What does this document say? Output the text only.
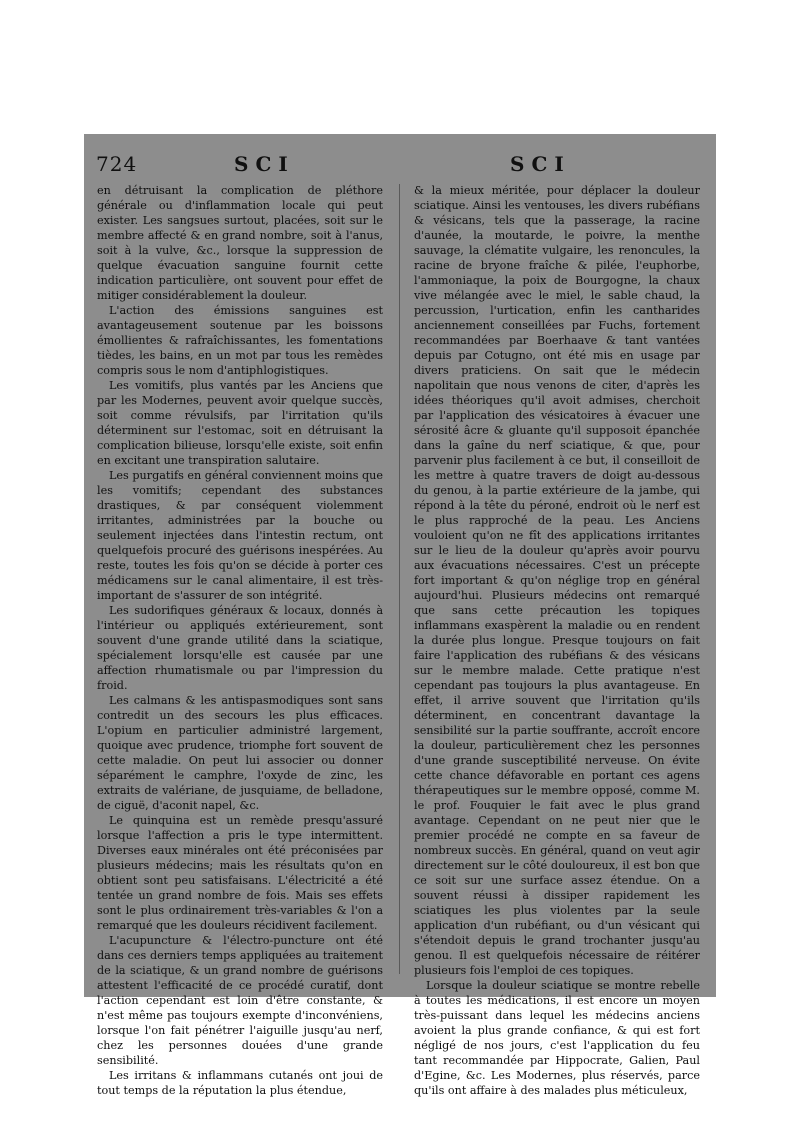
724	SCI	SCI

en détruisant la complication de pléthore générale ou d'inflammation locale qui peut exister. Les sangsues surtout, placées, soit sur le membre affecté & en grand nombre, soit à l'anus, soit à la vulve, &c., lorsque la suppression de quelque évacuation sanguine fournit cette indication particulière, ont souvent pour effet de mitiger considérablement la douleur.

L'action des émissions sanguines est avantageusement soutenue par les boissons émollientes & rafraîchissantes, les fomentations tièdes, les bains, en un mot par tous les remèdes compris sous le nom d'antiphlogistiques.

Les vomitifs, plus vantés par les Anciens que par les Modernes, peuvent avoir quelque succès, soit comme révulsifs, par l'irritation qu'ils déterminent sur l'estomac, soit en détruisant la complication bilieuse, lorsqu'elle existe, soit enfin en excitant une transpiration salutaire.

Les purgatifs en général conviennent moins que les vomitifs; cependant des substances drastiques, & par conséquent violemment irritantes, administrées par la bouche ou seulement injectées dans l'intestin rectum, ont quelquefois procuré des guérisons inespérées. Au reste, toutes les fois qu'on se décide à porter ces médicamens sur le canal alimentaire, il est très-important de s'assurer de son intégrité.

Les sudorifiques généraux & locaux, donnés à l'intérieur ou appliqués extérieurement, sont souvent d'une grande utilité dans la sciatique, spécialement lorsqu'elle est causée par une affection rhumatismale ou par l'impression du froid.

Les calmans & les antispasmodiques sont sans contredit un des secours les plus efficaces. L'opium en particulier administré largement, quoique avec prudence, triomphe fort souvent de cette maladie. On peut lui associer ou donner séparément le camphre, l'oxyde de zinc, les extraits de valériane, de jusquiame, de belladone, de ciguë, d'aconit napel, &c.

Le quinquina est un remède presqu'assuré lorsque l'affection a pris le type intermittent. Diverses eaux minérales ont été préconisées par plusieurs médecins; mais les résultats qu'on en obtient sont peu satisfaisans. L'électricité a été tentée un grand nombre de fois. Mais ses effets sont le plus ordinairement très-variables & l'on a remarqué que les douleurs récidivent facilement.

L'acupuncture & l'électro-puncture ont été dans ces derniers temps appliquées au traitement de la sciatique, & un grand nombre de guérisons attestent l'efficacité de ce procédé curatif, dont l'action cependant est loin d'être constante, & n'est même pas toujours exempte d'inconvéniens, lorsque l'on fait pénétrer l'aiguille jusqu'au nerf, chez les personnes douées d'une grande sensibilité.

Les irritans & inflammans cutanés ont joui de tout temps de la réputation la plus étendue,

& la mieux méritée, pour déplacer la douleur sciatique. Ainsi les ventouses, les divers rubéfians & vésicans, tels que la passerage, la racine d'aunée, la moutarde, le poivre, la menthe sauvage, la clématite vulgaire, les renoncules, la racine de bryone fraîche & pilée, l'euphorbe, l'ammoniaque, la poix de Bourgogne, la chaux vive mélangée avec le miel, le sable chaud, la percussion, l'urtication, enfin les cantharides anciennement conseillées par Fuchs, fortement recommandées par Boerhaave & tant vantées depuis par Cotugno, ont été mis en usage par divers praticiens. On sait que le médecin napolitain que nous venons de citer, d'après les idées théoriques qu'il avoit admises, cherchoit par l'application des vésicatoires à évacuer une sérosité âcre & gluante qu'il supposoit épanchée dans la gaîne du nerf sciatique, & que, pour parvenir plus facilement à ce but, il conseilloit de les mettre à quatre travers de doigt au-dessous du genou, à la partie extérieure de la jambe, qui répond à la tête du péroné, endroit où le nerf est le plus rapproché de la peau. Les Anciens vouloient qu'on ne fît des applications irritantes sur le lieu de la douleur qu'après avoir pourvu aux évacuations nécessaires. C'est un précepte fort important & qu'on néglige trop en général aujourd'hui. Plusieurs médecins ont remarqué que sans cette précaution les topiques inflammans exaspèrent la maladie ou en rendent la durée plus longue. Presque toujours on fait faire l'application des rubéfians & des vésicans sur le membre malade. Cette pratique n'est cependant pas toujours la plus avantageuse. En effet, il arrive souvent que l'irritation qu'ils déterminent, en concentrant davantage la sensibilité sur la partie souffrante, accroît encore la douleur, particulièrement chez les personnes d'une grande susceptibilité nerveuse. On évite cette chance défavorable en portant ces agens thérapeutiques sur le membre opposé, comme M. le prof. Fouquier le fait avec le plus grand avantage. Cependant on ne peut nier que le premier procédé ne compte en sa faveur de nombreux succès. En général, quand on veut agir directement sur le côté douloureux, il est bon que ce soit sur une surface assez étendue. On a souvent réussi à dissiper rapidement les sciatiques les plus violentes par la seule application d'un rubéfiant, ou d'un vésicant qui s'étendoit depuis le grand trochanter jusqu'au genou. Il est quelquefois nécessaire de réitérer plusieurs fois l'emploi de ces topiques.

Lorsque la douleur sciatique se montre rebelle à toutes les médications, il est encore un moyen très-puissant dans lequel les médecins anciens avoient la plus grande confiance, & qui est fort négligé de nos jours, c'est l'application du feu tant recommandée par Hippocrate, Galien, Paul d'Egine, &c. Les Modernes, plus réservés, parce qu'ils ont affaire à des malades plus méticuleux,
